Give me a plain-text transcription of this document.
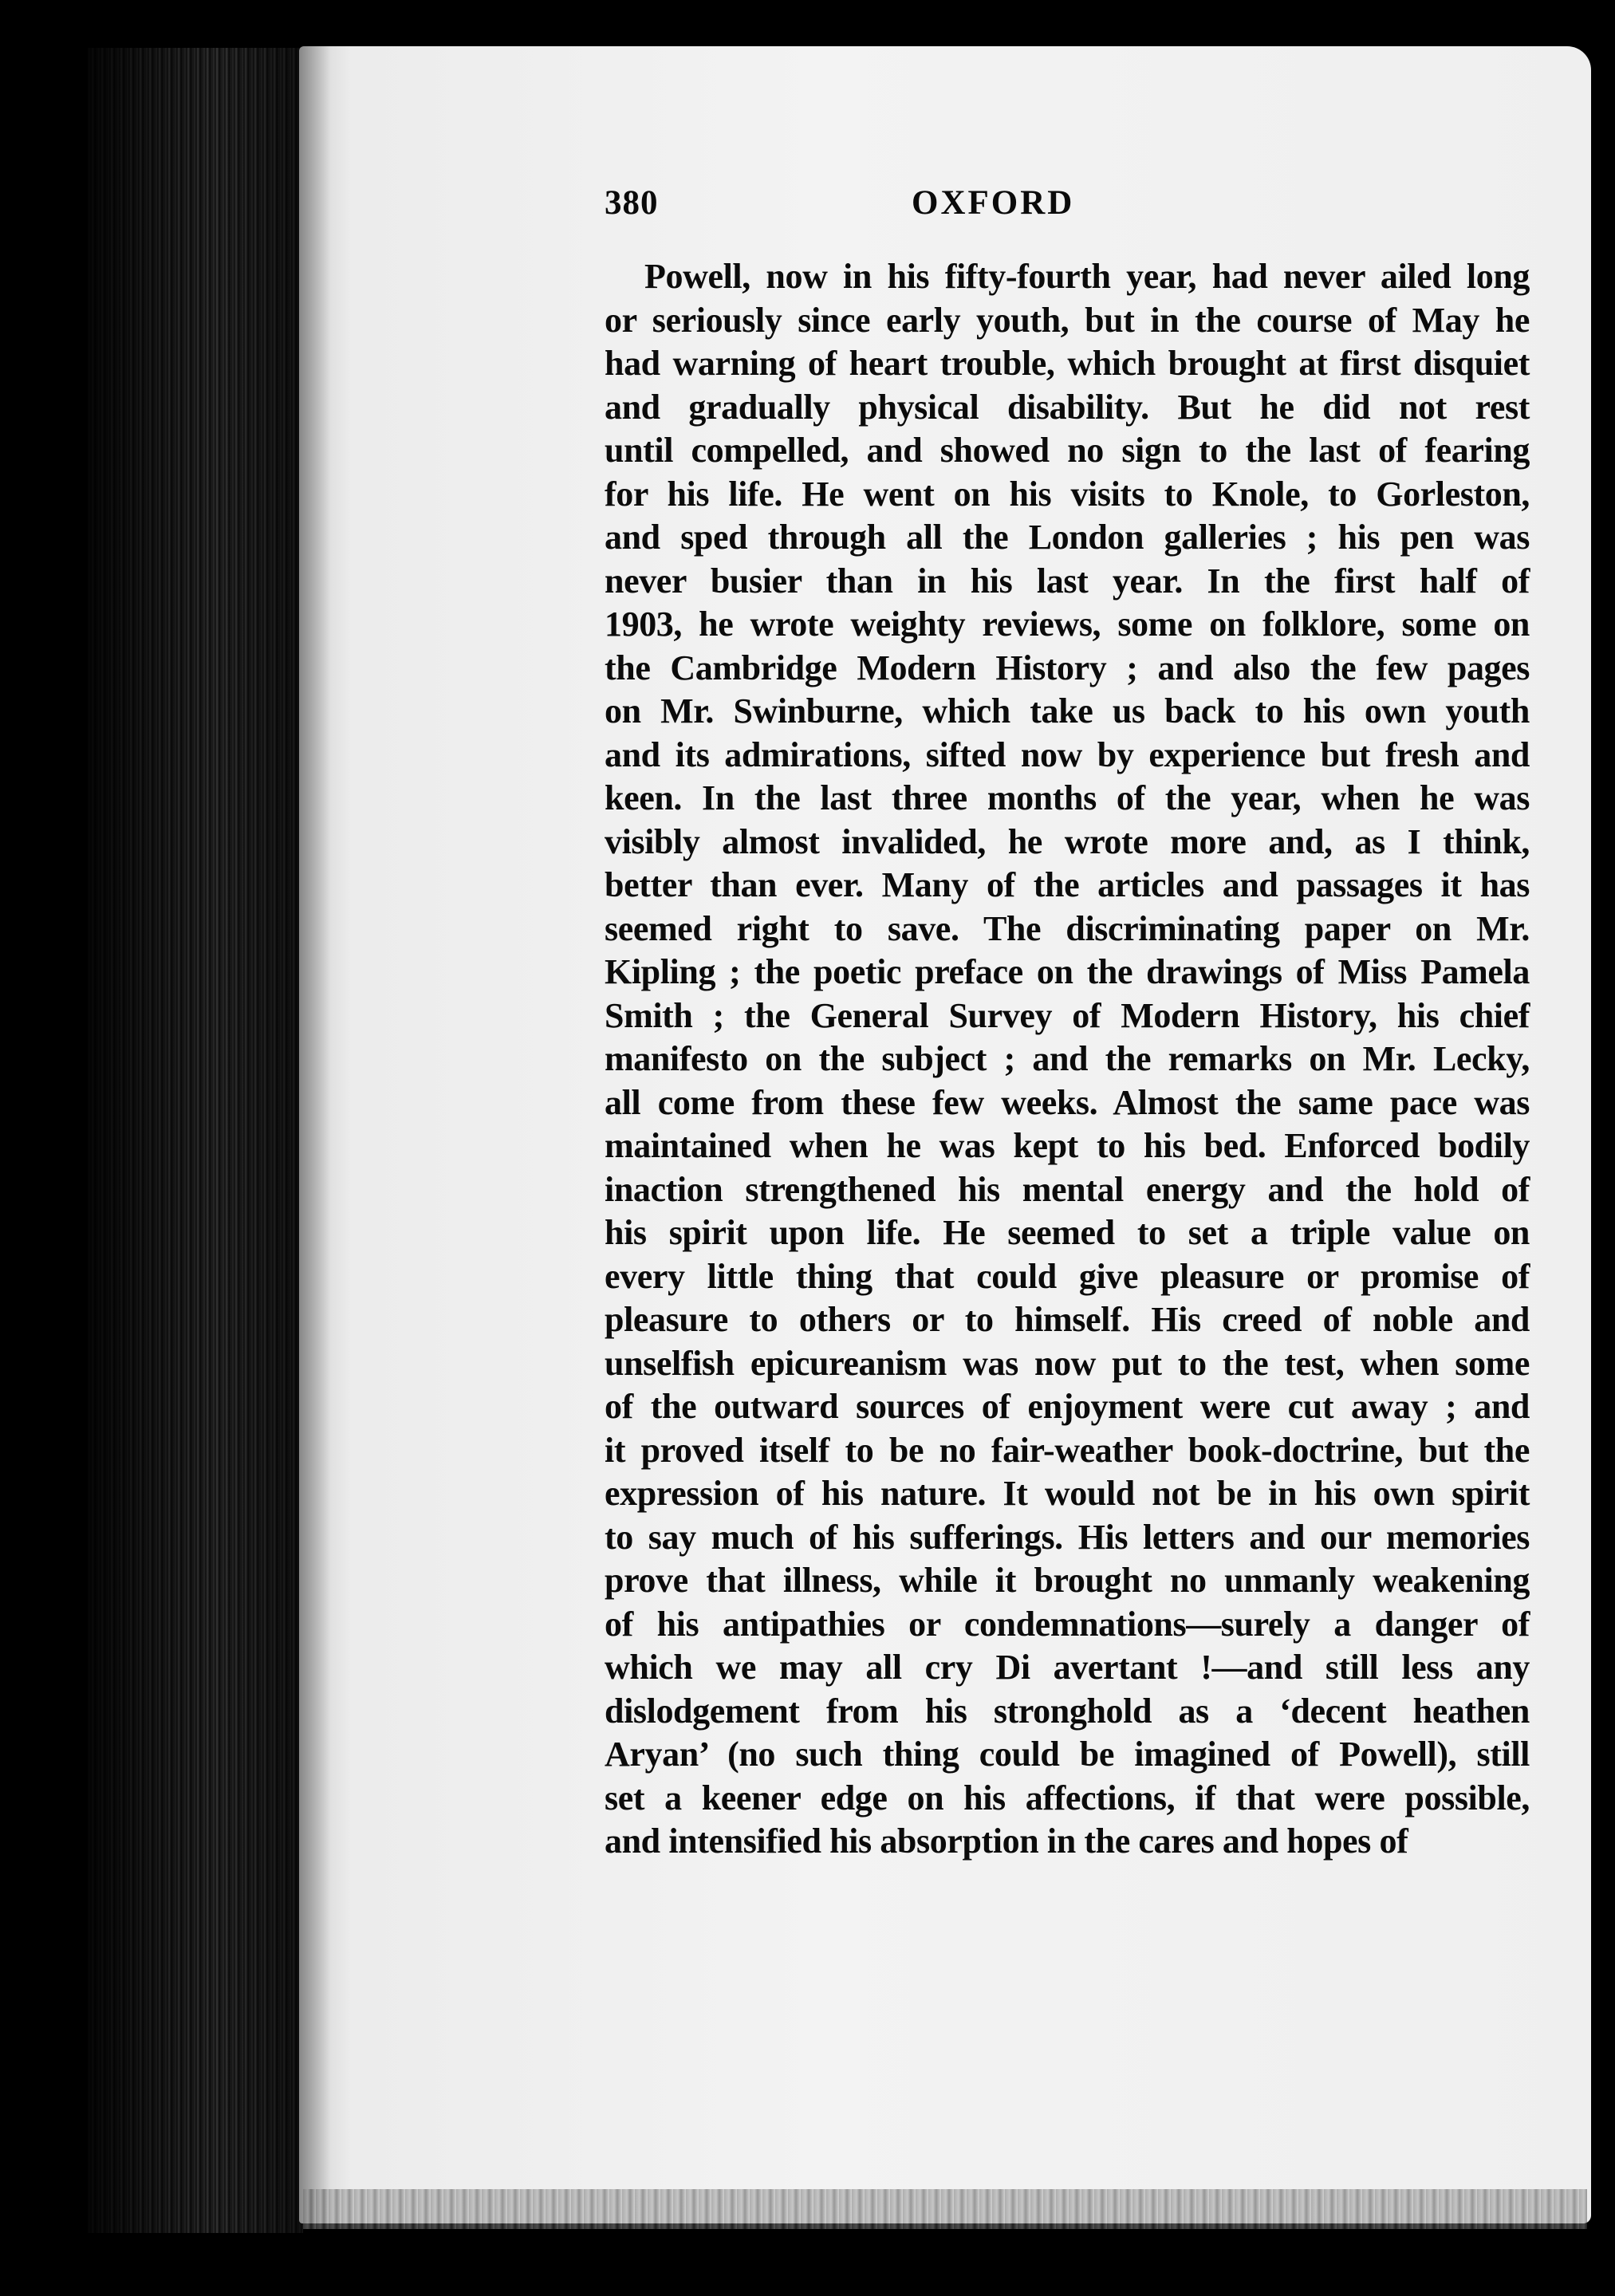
380	OXFORD
Powell, now in his fifty-fourth year, had never ailed long
or seriously since early youth, but in the course of May he
had warning of heart trouble, which brought at first disquiet
and gradually physical disability. But he did not rest
until compelled, and showed no sign to the last of fearing
for his life. He went on his visits to Knole, to Gorleston,
and sped through all the London galleries ; his pen was
never busier than in his last year. In the first half of
1903, he wrote weighty reviews, some on folklore, some on
the Cambridge Modern History ; and also the few pages
on Mr. Swinburne, which take us back to his own youth
and its admirations, sifted now by experience but fresh and
keen. In the last three months of the year, when he was
visibly almost invalided, he wrote more and, as I think,
better than ever. Many of the articles and passages it has
seemed right to save. The discriminating paper on Mr.
Kipling ; the poetic preface on the drawings of Miss Pamela
Smith ; the General Survey of Modern History, his chief
manifesto on the subject ; and the remarks on Mr. Lecky,
all come from these few weeks. Almost the same pace was
maintained when he was kept to his bed. Enforced bodily
inaction strengthened his mental energy and the hold of
his spirit upon life. He seemed to set a triple value on
every little thing that could give pleasure or promise of
pleasure to others or to himself. His creed of noble and
unselfish epicureanism was now put to the test, when some
of the outward sources of enjoyment were cut away ; and
it proved itself to be no fair-weather book-doctrine, but the
expression of his nature. It would not be in his own spirit
to say much of his sufferings. His letters and our memories
prove that illness, while it brought no unmanly weakening
of his antipathies or condemnations—surely a danger of
which we may all cry Di avertant !—and still less any
dislodgement from his stronghold as a ‘decent heathen
Aryan’ (no such thing could be imagined of Powell), still
set a keener edge on his affections, if that were possible,
and intensified his absorption in the cares and hopes of
